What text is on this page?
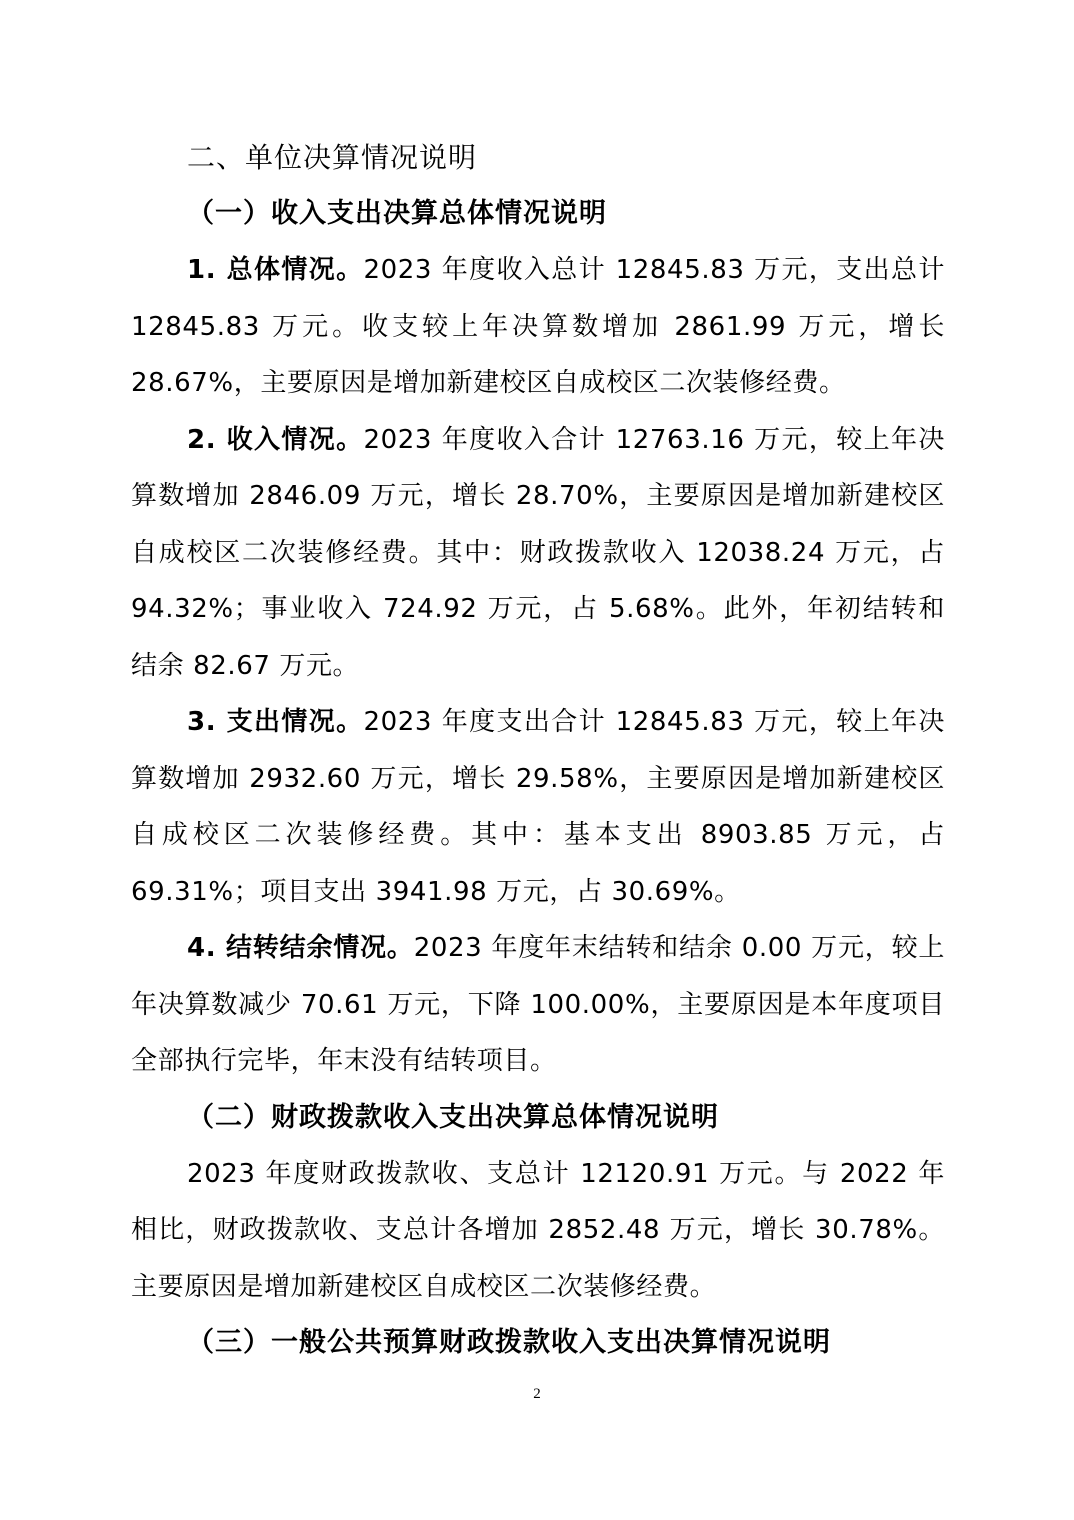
二、单位决算情况说明
（一）收入支出决算总体情况说明

1. 总体情况。2023 年度收入总计 12845.83 万元，支出总计 12845.83 万元。收支较上年决算数增加 2861.99 万元，增长 28.67%，主要原因是增加新建校区自成校区二次装修经费。

2. 收入情况。2023 年度收入合计 12763.16 万元，较上年决算数增加 2846.09 万元，增长 28.70%，主要原因是增加新建校区自成校区二次装修经费。其中：财政拨款收入 12038.24 万元，占 94.32%；事业收入 724.92 万元，占 5.68%。此外，年初结转和结余 82.67 万元。

3. 支出情况。2023 年度支出合计 12845.83 万元，较上年决算数增加 2932.60 万元，增长 29.58%，主要原因是增加新建校区自成校区二次装修经费。其中：基本支出 8903.85 万元，占 69.31%；项目支出 3941.98 万元，占 30.69%。

4. 结转结余情况。2023 年度年末结转和结余 0.00 万元，较上年决算数减少 70.61 万元，下降 100.00%，主要原因是本年度项目全部执行完毕，年末没有结转项目。

（二）财政拨款收入支出决算总体情况说明

2023 年度财政拨款收、支总计 12120.91 万元。与 2022 年相比，财政拨款收、支总计各增加 2852.48 万元，增长 30.78%。主要原因是增加新建校区自成校区二次装修经费。

（三）一般公共预算财政拨款收入支出决算情况说明
2
